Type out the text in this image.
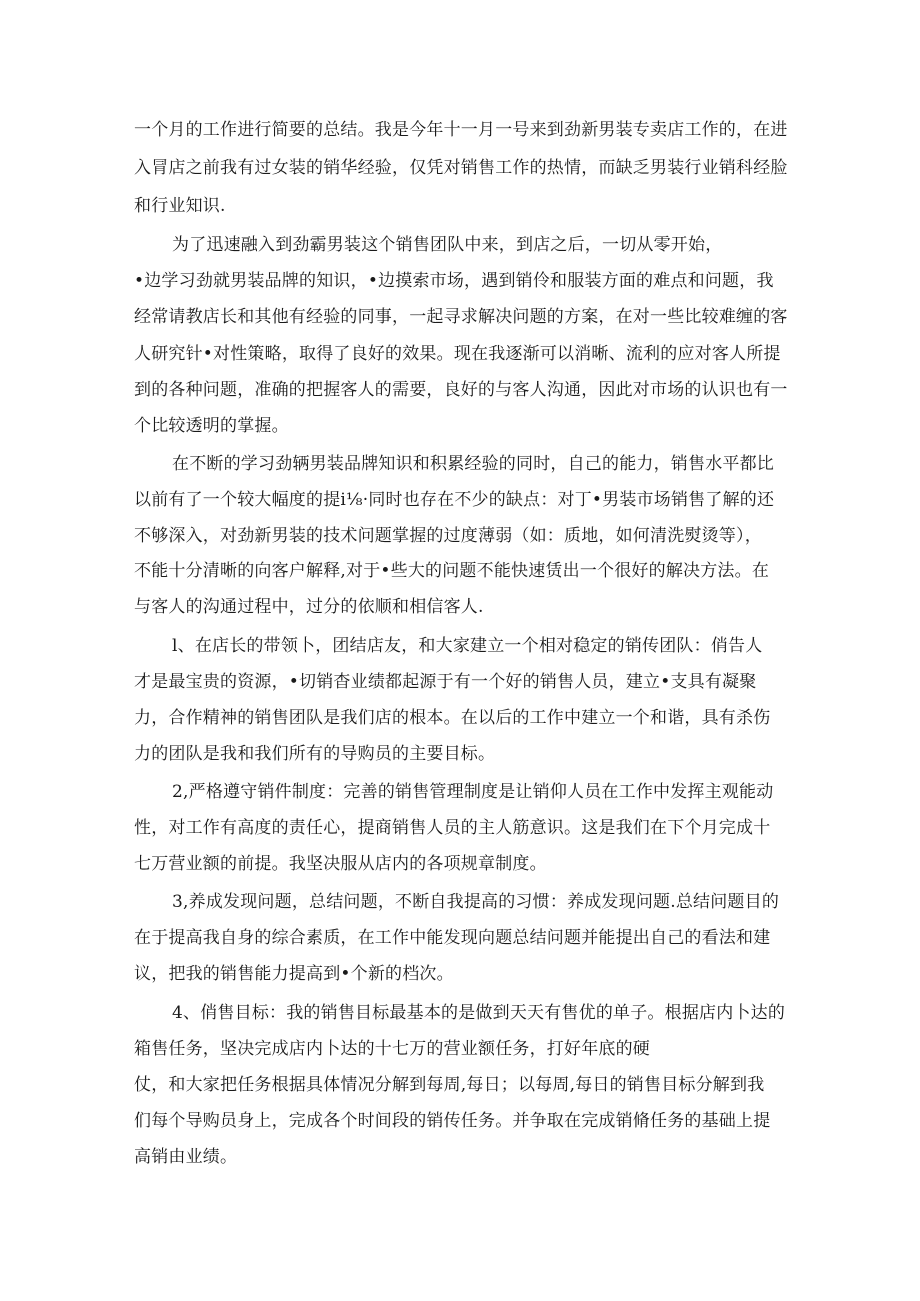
一个月的工作进行简要的总结。我是今年十一月一号来到劲新男装专卖店工作的，在进
入冐店之前我有过女装的销华经验，仅凭对销售工作的热情，而缺乏男装行业销科经脸
和行业知识.
为了迅速融入到劲霸男装这个销售团队中来，到店之后，一切从零开始，
•边学习劲就男装品牌的知识，•边摸索市场，遇到销伶和服装方面的难点和问题，我
经常请教店长和其他有经验的同事，一起寻求解决问题的方案，在对一些比较难缠的客
人研究针•对性策略，取得了良好的效果。现在我逐渐可以消晰、流利的应对客人所提
到的各种问题，准确的把握客人的需要，良好的与客人沟通，因此对市场的认识也有一
个比较透明的掌握。
在不断的学习劲辆男装品牌知识和积累经验的同时，自己的能力，销售水平都比
以前有了一个较大幅度的提i⅛·同时也存在不少的缺点：对丁•男装市场销售了解的还
不够深入，对劲新男装的技术问题掌握的过度薄弱（如：质地，如何清洗熨烫等），
不能十分清晰的向客户解释,对于•些大的问题不能快速赁出一个很好的解决方法。在
与客人的沟通过程中，过分的依顺和相信客人.
l、在店长的带领卜，团结店友，和大家建立一个相对稳定的销传团队：俏告人
才是最宝贵的资源，•切销杳业绩都起源于有一个好的销售人员，建立•支具有凝聚
力，合作精神的销售团队是我们店的根本。在以后的工作中建立一个和谐，具有杀伤
力的团队是我和我们所有的导购员的主要目标。
2,严格遵守销件制度：完善的销售管理制度是让销仰人员在工作中发挥主观能动
性，对工作有高度的责任心，提商销售人员的主人筋意识。这是我们在下个月完成十
七万营业额的前提。我坚决服从店内的各项规章制度。
3,养成发现问题，总结问题，不断自我提高的习惯：养成发现问题.总结问题目的
在于提高我自身的综合素质，在工作中能发现向题总结问题并能提出自己的看法和建
议，把我的销售能力提高到•个新的档次。
4、俏售目标：我的销售目标最基本的是做到天天有售优的单子。根据店内卜达的
箱售任务，坚决完成店内卜达的十七万的营业额任务，打好年底的硬
仗，和大家把任务根据具体情况分解到每周,每日；以每周,每日的销售目标分解到我
们每个导购员身上，完成各个时间段的销传任务。并争取在完成销脩任务的基础上提
高销由业绩。
